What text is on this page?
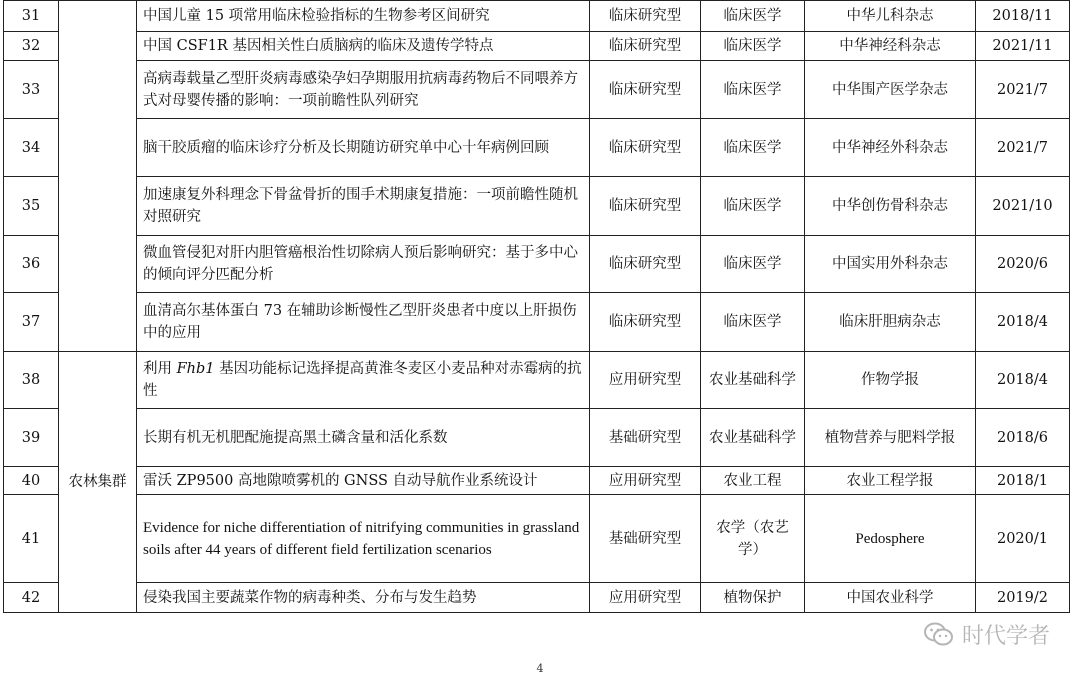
31		中国儿童 15 项常用临床检验指标的生物参考区间研究	临床研究型	临床医学	中华儿科杂志	2018/11
32		中国 CSF1R 基因相关性白质脑病的临床及遗传学特点	临床研究型	临床医学	中华神经科杂志	2021/11
33		高病毒载量乙型肝炎病毒感染孕妇孕期服用抗病毒药物后不同喂养方式对母婴传播的影响：一项前瞻性队列研究	临床研究型	临床医学	中华围产医学杂志	2021/7
34		脑干胶质瘤的临床诊疗分析及长期随访研究单中心十年病例回顾	临床研究型	临床医学	中华神经外科杂志	2021/7
35		加速康复外科理念下骨盆骨折的围手术期康复措施：一项前瞻性随机对照研究	临床研究型	临床医学	中华创伤骨科杂志	2021/10
36		微血管侵犯对肝内胆管癌根治性切除病人预后影响研究：基于多中心的倾向评分匹配分析	临床研究型	临床医学	中国实用外科杂志	2020/6
37		血清高尔基体蛋白 73 在辅助诊断慢性乙型肝炎患者中度以上肝损伤中的应用	临床研究型	临床医学	临床肝胆病杂志	2018/4
38	农林集群	利用 Fhb1 基因功能标记选择提高黄淮冬麦区小麦品种对赤霉病的抗性	应用研究型	农业基础科学	作物学报	2018/4
39		长期有机无机肥配施提高黑土磷含量和活化系数	基础研究型	农业基础科学	植物营养与肥料学报	2018/6
40		雷沃 ZP9500 高地隙喷雾机的 GNSS 自动导航作业系统设计	应用研究型	农业工程	农业工程学报	2018/1
41		Evidence for niche differentiation of nitrifying communities in grassland soils after 44 years of different field fertilization scenarios	基础研究型	农学（农艺学）	Pedosphere	2020/1
42		侵染我国主要蔬菜作物的病毒种类、分布与发生趋势	应用研究型	植物保护	中国农业科学	2019/2
时代学者
4
